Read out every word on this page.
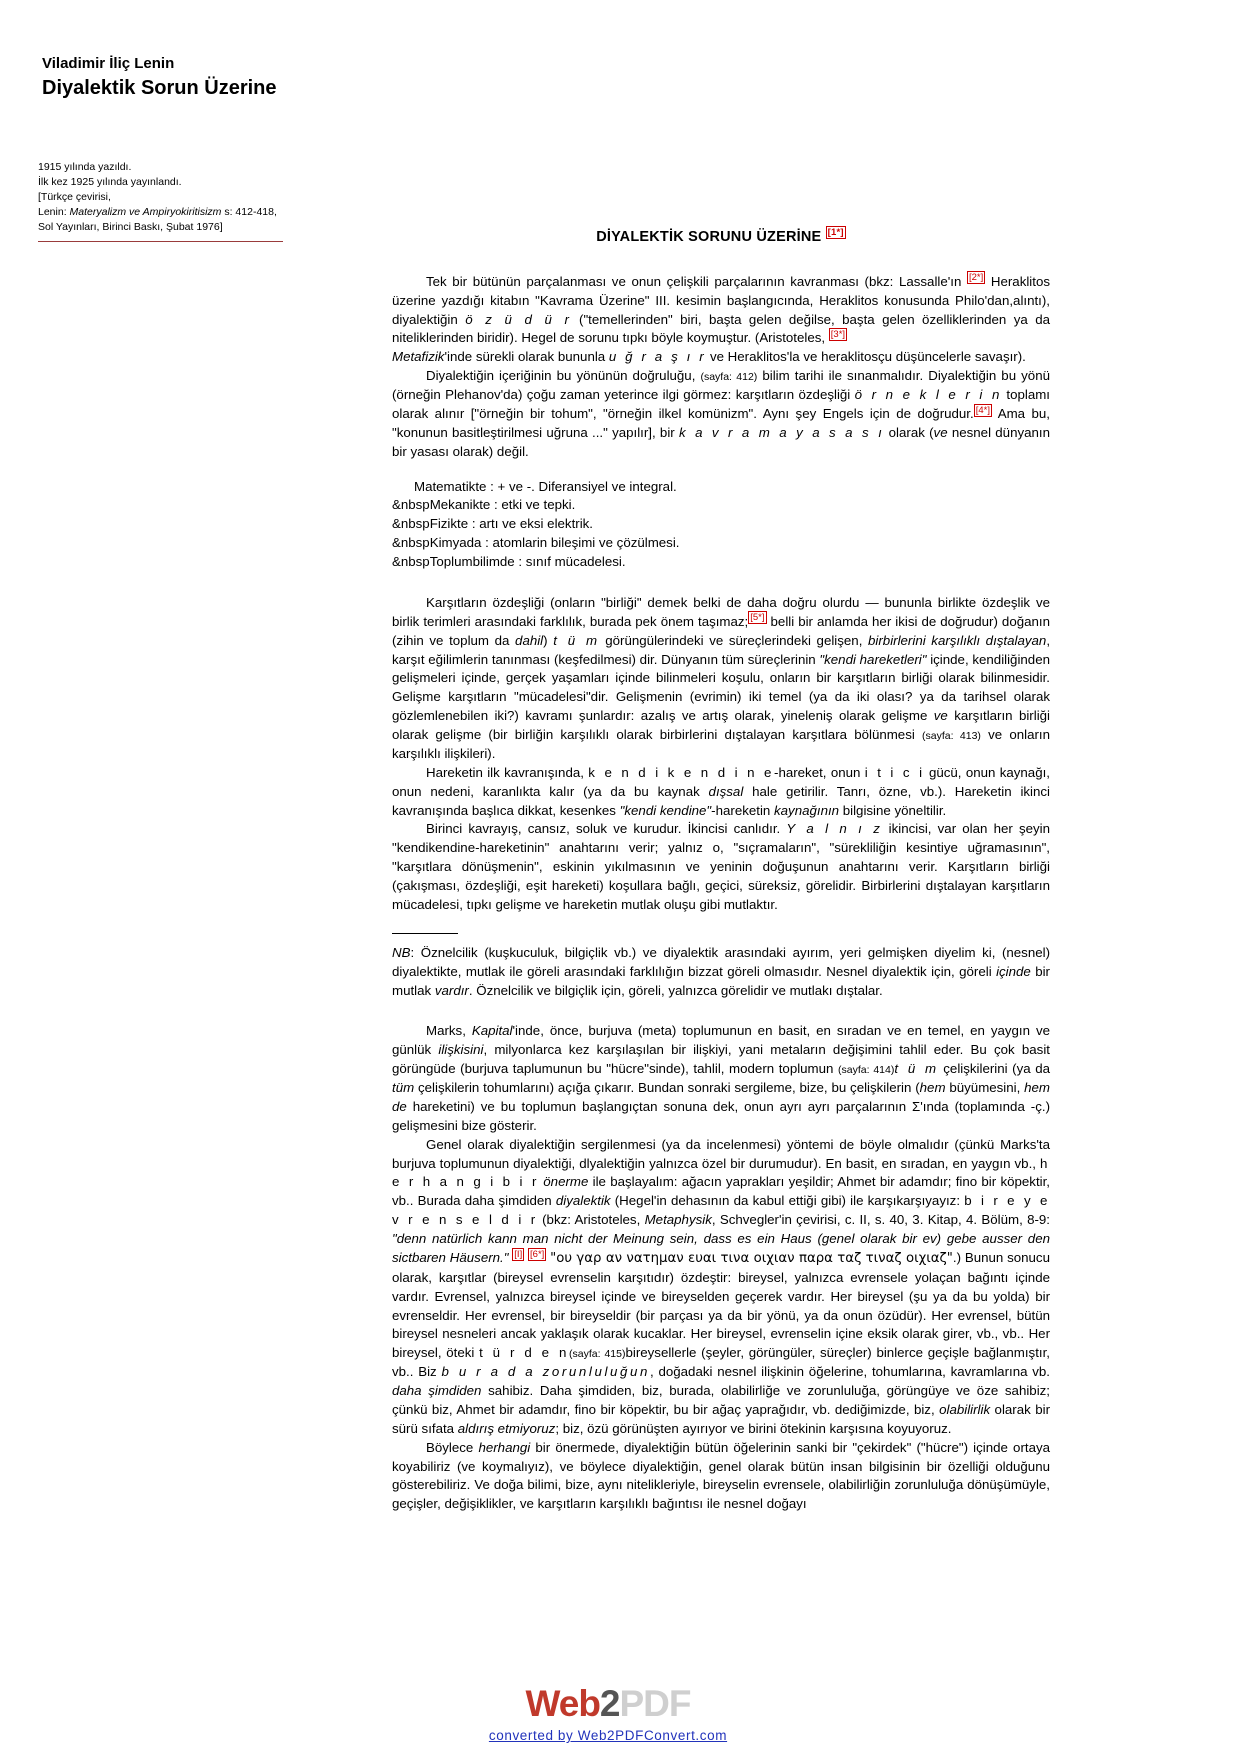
Viladimir İliç Lenin
Diyalektik Sorun Üzerine
1915 yılında yazıldı.
İlk kez 1925 yılında yayınlandı.
[Türkçe çevirisi,
Lenin: Materyalizm ve Ampiryokiritisizm s: 412-418,
Sol Yayınları, Birinci Baskı, Şubat 1976]
DİYALEKTİK SORUNU ÜZERİNE [ $^{1*}$ ]

Tek bir bütünün parçalanması ve onun çelişkili parçalarının kavranması (bkz: Lassalle'ın [ $^{2*}$ ] Heraklitos üzerine yazdığı kitabın "Kavrama Üzerine" III. kesimin başlangıcında, Heraklitos konusunda Philo'dan,alıntı), diyalektiğin ö z ü d ü r ("temellerinden" biri, başta gelen değilse, başta gelen özelliklerinden ya da niteliklerinden biridir). Hegel de sorunu tıpkı böyle koymuştur. (Aristoteles, [ $^{3*}$ ]
Metafizik'inde sürekli olarak bununla u ğ r a ş ı r ve Heraklitos'la ve heraklitosçu düşüncelerle savaşır).

Diyalektiğin içeriğinin bu yönünün doğruluğu, (sayfa: 412) bilim tarihi ile sınanmalıdır. Diyalektiğin bu yönü (örneğin Plehanov'da) çoğu zaman yeterince ilgi görmez: karşıtların özdeşliği ö r n e k l e r i n toplamı olarak alınır ["örneğin bir tohum", "örneğin ilkel komünizm". Aynı şey Engels için de doğrudur. [ $^{4*}$ ] Ama bu, "konunun basitleştirilmesi uğruna ..." yapılır], bir k a v r a m a y a s a s ı olarak (ve nesnel dünyanın bir yasası olarak) değil.

Matematikte : + ve -. Diferansiyel ve integral.
&nbspMekanikte : etki ve tepki.
&nbspFizikte : artı ve eksi elektrik.
&nbspKimyada : atomlarin bileşimi ve çözülmesi.
&nbspToplumbilimde : sınıf mücadelesi.

Karşıtların özdeşliği (onların "birliği" demek belki de daha doğru olurdu — bununla birlikte özdeşlik ve birlik terimleri arasındaki farklılık, burada pek önem taşımaz; [ $^{5*}$ ] belli bir anlamda her ikisi de doğrudur) doğanın (zihin ve toplum da dahil) t ü m görüngülerindeki ve süreçlerindeki gelişen, birbirlerini karşılıklı dıştalayan, karşıt eğilimlerin tanınması (keşfedilmesi) dir. Dünyanın tüm süreçlerinin "kendi hareketleri" içinde, kendiliğinden gelişmeleri içinde, gerçek yaşamları içinde bilinmeleri koşulu, onların bir karşıtların birliği olarak bilinmesidir. Gelişme karşıtların "mücadelesi"dir. Gelişmenin (evrimin) iki temel (ya da iki olası? ya da tarihsel olarak gözlemlenebilen iki?) kavramı şunlardır: azalış ve artış olarak, yineleniş olarak gelişme ve karşıtların birliği olarak gelişme (bir birliğin karşılıklı olarak birbirlerini dıştalayan karşıtlara bölünmesi (sayfa: 413) ve onların karşılıklı ilişkileri).

Hareketin ilk kavranışında, k e n d i k e n d i n e-hareket, onun i t i c i gücü, onun kaynağı, onun nedeni, karanlıkta kalır (ya da bu kaynak dışsal hale getirilir. Tanrı, özne, vb.). Hareketin ikinci kavranışında başlıca dikkat, kesenkes "kendi kendine"-hareketin kaynağının bilgisine yöneltilir.

Birinci kavrayış, cansız, soluk ve kurudur. İkincisi canlıdır. Y a l n ı z ikincisi, var olan her şeyin "kendikendine-hareketinin" anahtarını verir; yalnız o, "sıçramaların", "sürekliliğin kesintiye uğramasının", "karşıtlara dönüşmenin", eskinin yıkılmasının ve yeninin doğuşunun anahtarını verir. Karşıtların birliği (çakışması, özdeşliği, eşit hareketi) koşullara bağlı, geçici, süreksiz, görelidir. Birbirlerini dıştalayan karşıtların mücadelesi, tıpkı gelişme ve hareketin mutlak oluşu gibi mutlaktır.

NB: Öznelcilik (kuşkuculuk, bilgiçlik vb.) ve diyalektik arasındaki ayırım, yeri gelmişken diyelim ki, (nesnel) diyalektikte, mutlak ile göreli arasındaki farklılığın bizzat göreli olmasıdır. Nesnel diyalektik için, göreli içinde bir mutlak vardır. Öznelcilik ve bilgiçlik için, göreli, yalnızca görelidir ve mutlakı dıştalar.

Marks, Kapital'inde, önce, burjuva (meta) toplumunun en basit, en sıradan ve en temel, en yaygın ve günlük ilişkisini, milyonlarca kez karşılaşılan bir ilişkiyi, yani metaların değişimini tahlil eder. Bu çok basit görüngüde (burjuva taplumunun bu "hücre"sinde), tahlil, modern toplumun (sayfa: 414)t ü m çelişkilerini (ya da tüm çelişkilerin tohumlarını) açığa çıkarır. Bundan sonraki sergileme, bize, bu çelişkilerin (hem büyümesini, hem de hareketini) ve bu toplumun başlangıçtan sonuna dek, onun ayrı ayrı parçalarının Σ'ında (toplamında -ç.) gelişmesini bize gösterir.

Genel olarak diyalektiğin sergilenmesi (ya da incelenmesi) yöntemi de böyle olmalıdır (çünkü Marks'ta burjuva toplumunun diyalektiği, dlyalektiğin yalnızca özel bir durumudur). En basit, en sıradan, en yaygın vb., h e r h a n g i b i r önerme ile başlayalım: ağacın yaprakları yeşildir; Ahmet bir adamdır; fino bir köpektir, vb.. Burada daha şimdiden diyalektik (Hegel'in dehasının da kabul ettiği gibi) ile karşıkarşıyayız: b i r e y e v r e n s e l d i r (bkz: Aristoteles, Metaphysik, Schvegler'in çevirisi, c. II, s. 40, 3. Kitap, 4. Bölüm, 8-9: "denn natürlich kann man nicht der Meinung sein, dass es ein Haus (genel olarak bir ev) gebe ausser den sictbaren Häusern." [ $^I$ ] [ $^{6*}$ ] "ου γαρ αν νατημαν ευαι τινα οιχιαν παρα ταζ τιναζ οιχιαζ".) Bunun sonucu olarak, karşıtlar (bireysel evrenselin karşıtıdır) özdeştir: bireysel, yalnızca evrensele yolaçan bağıntı içinde vardır. Evrensel, yalnızca bireysel içinde ve bireyselden geçerek vardır. Her bireysel (şu ya da bu yolda) bir evrenseldir. Her evrensel, bir bireyseldir (bir parçası ya da bir yönü, ya da onun özüdür). Her evrensel, bütün bireysel nesneleri ancak yaklaşık olarak kucaklar. Her bireysel, evrenselin içine eksik olarak girer, vb., vb.. Her bireysel, öteki t ü r d e n(sayfa: 415)bireysellerle (şeyler, görüngüler, süreçler) binlerce geçişle bağlanmıştır, vb.. Biz b u r a d a zorunluluğun, doğadaki nesnel ilişkinin öğelerine, tohumlarına, kavramlarına vb. daha şimdiden sahibiz. Daha şimdiden, biz, burada, olabilirliğe ve zorunluluğa, görüngüye ve öze sahibiz; çünkü biz, Ahmet bir adamdır, fino bir köpektir, bu bir ağaç yaprağıdır, vb. dediğimizde, biz, olabilirlik olarak bir sürü sıfata aldırış etmiyoruz; biz, özü görünüşten ayırıyor ve birini ötekinin karşısına koyuyoruz.

Böylece herhangi bir önermede, diyalektiğin bütün öğelerinin sanki bir "çekirdek" ("hücre") içinde ortaya koyabiliriz (ve koymalıyız), ve böylece diyalektiğin, genel olarak bütün insan bilgisinin bir özelliği olduğunu gösterebiliriz. Ve doğa bilimi, bize, aynı nitelikleriyle, bireyselin evrensele, olabilirliğin zorunluluğa dönüşümüyle, geçişler, değişiklikler, ve karşıtların karşılıklı bağıntısı ile nesnel doğayı

Web2PDF
converted by Web2PDFConvert.com
